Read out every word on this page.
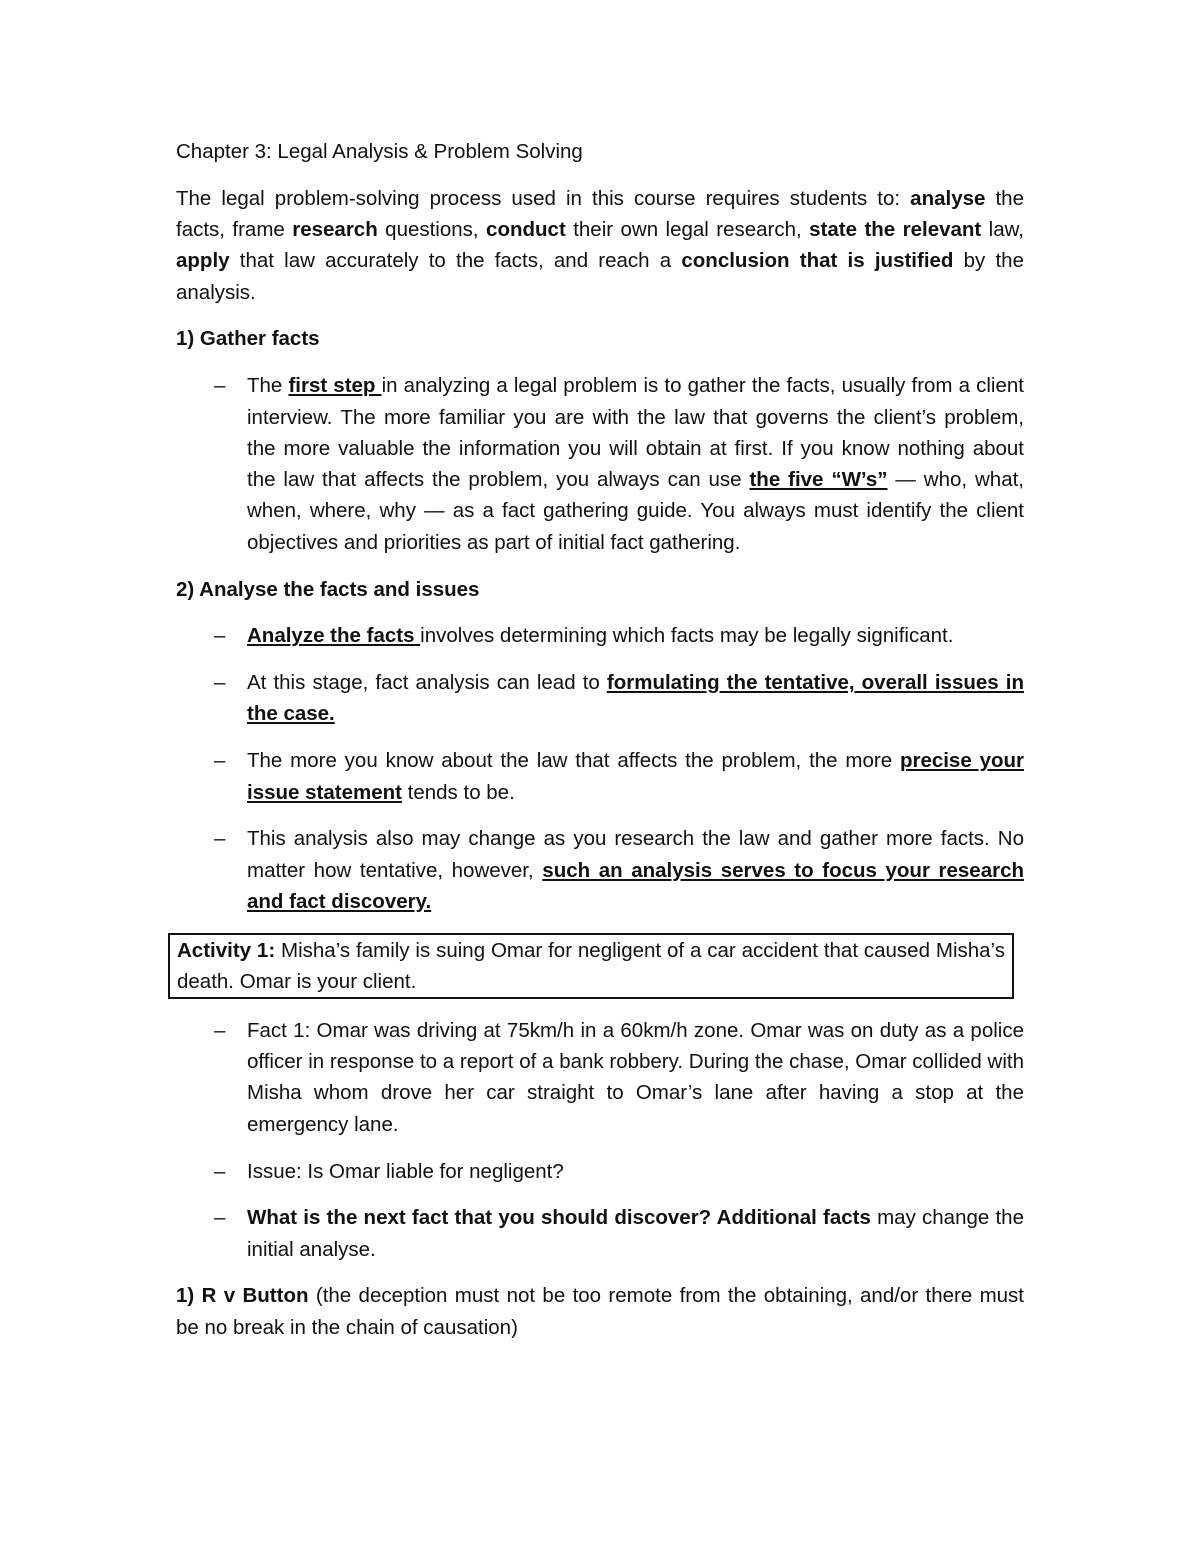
Chapter 3: Legal Analysis & Problem Solving

The legal problem-solving process used in this course requires students to: analyse the facts, frame research questions, conduct their own legal research, state the relevant law, apply that law accurately to the facts, and reach a conclusion that is justified by the analysis.

1) Gather facts

– The first step in analyzing a legal problem is to gather the facts, usually from a client interview. The more familiar you are with the law that governs the client’s problem, the more valuable the information you will obtain at first. If you know nothing about the law that affects the problem, you always can use the five “W’s” — who, what, when, where, why — as a fact gathering guide. You always must identify the client objectives and priorities as part of initial fact gathering.

2) Analyse the facts and issues

– Analyze the facts involves determining which facts may be legally significant.
– At this stage, fact analysis can lead to formulating the tentative, overall issues in the case.
– The more you know about the law that affects the problem, the more precise your issue statement tends to be.
– This analysis also may change as you research the law and gather more facts. No matter how tentative, however, such an analysis serves to focus your research and fact discovery.
Activity 1: Misha’s family is suing Omar for negligent of a car accident that caused Misha’s death. Omar is your client.
– Fact 1: Omar was driving at 75km/h in a 60km/h zone. Omar was on duty as a police officer in response to a report of a bank robbery. During the chase, Omar collided with Misha whom drove her car straight to Omar’s lane after having a stop at the emergency lane.
– Issue: Is Omar liable for negligent?
– What is the next fact that you should discover? Additional facts may change the initial analyse.

1) R v Button (the deception must not be too remote from the obtaining, and/or there must be no break in the chain of causation)
